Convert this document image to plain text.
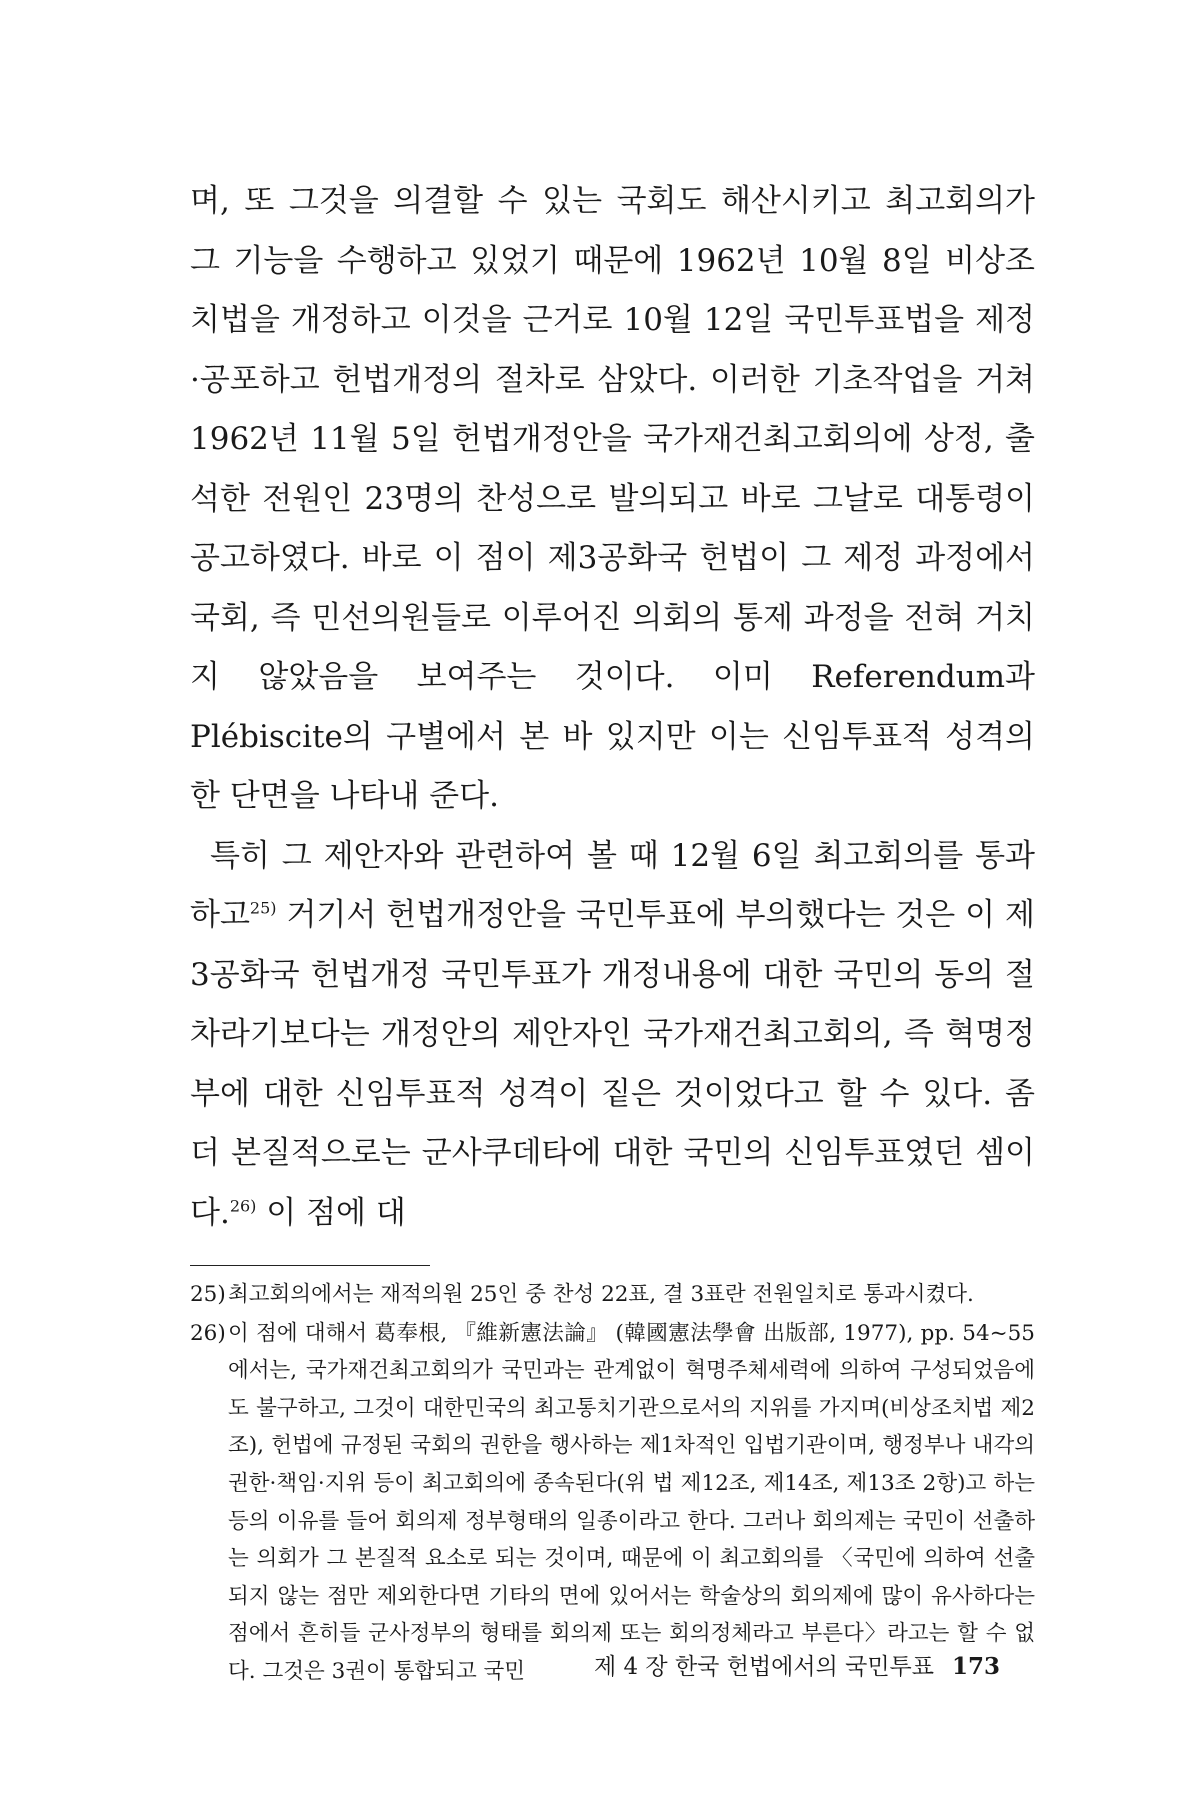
며, 또 그것을 의결할 수 있는 국회도 해산시키고 최고회의가 그 기능을 수행하고 있었기 때문에 1962년 10월 8일 비상조치법을 개정하고 이것을 근거로 10월 12일 국민투표법을 제정·공포하고 헌법개정의 절차로 삼았다. 이러한 기초작업을 거쳐 1962년 11월 5일 헌법개정안을 국가재건최고회의에 상정, 출석한 전원인 23명의 찬성으로 발의되고 바로 그날로 대통령이 공고하였다. 바로 이 점이 제3공화국 헌법이 그 제정 과정에서 국회, 즉 민선의원들로 이루어진 의회의 통제 과정을 전혀 거치지 않았음을 보여주는 것이다. 이미 Referendum과 Plébiscite의 구별에서 본 바 있지만 이는 신임투표적 성격의 한 단면을 나타내 준다.

특히 그 제안자와 관련하여 볼 때 12월 6일 최고회의를 통과하고$^{25)}$ 거기서 헌법개정안을 국민투표에 부의했다는 것은 이 제3공화국 헌법개정 국민투표가 개정내용에 대한 국민의 동의 절차라기보다는 개정안의 제안자인 국가재건최고회의, 즉 혁명정부에 대한 신임투표적 성격이 짙은 것이었다고 할 수 있다. 좀 더 본질적으로는 군사쿠데타에 대한 국민의 신임투표였던 셈이다.$^{26)}$ 이 점에 대

25) 최고회의에서는 재적의원 25인 중 찬성 22표, 결 3표란 전원일치로 통과시켰다.
26) 이 점에 대해서 葛奉根, 『維新憲法論』 (韓國憲法學會 出版部, 1977), pp. 54~55에서는, 국가재건최고회의가 국민과는 관계없이 혁명주체세력에 의하여 구성되었음에도 불구하고, 그것이 대한민국의 최고통치기관으로서의 지위를 가지며(비상조치법 제2조), 헌법에 규정된 국회의 권한을 행사하는 제1차적인 입법기관이며, 행정부나 내각의 권한·책임·지위 등이 최고회의에 종속된다(위 법 제12조, 제14조, 제13조 2항)고 하는 등의 이유를 들어 회의제 정부형태의 일종이라고 한다. 그러나 회의제는 국민이 선출하는 의회가 그 본질적 요소로 되는 것이며, 때문에 이 최고회의를 〈국민에 의하여 선출되지 않는 점만 제외한다면 기타의 면에 있어서는 학술상의 회의제에 많이 유사하다는 점에서 흔히들 군사정부의 형태를 회의제 또는 회의정체라고 부른다〉라고는 할 수 없다. 그것은 3권이 통합되고 국민	제 4 장 한국 헌법에서의 국민투표 173
